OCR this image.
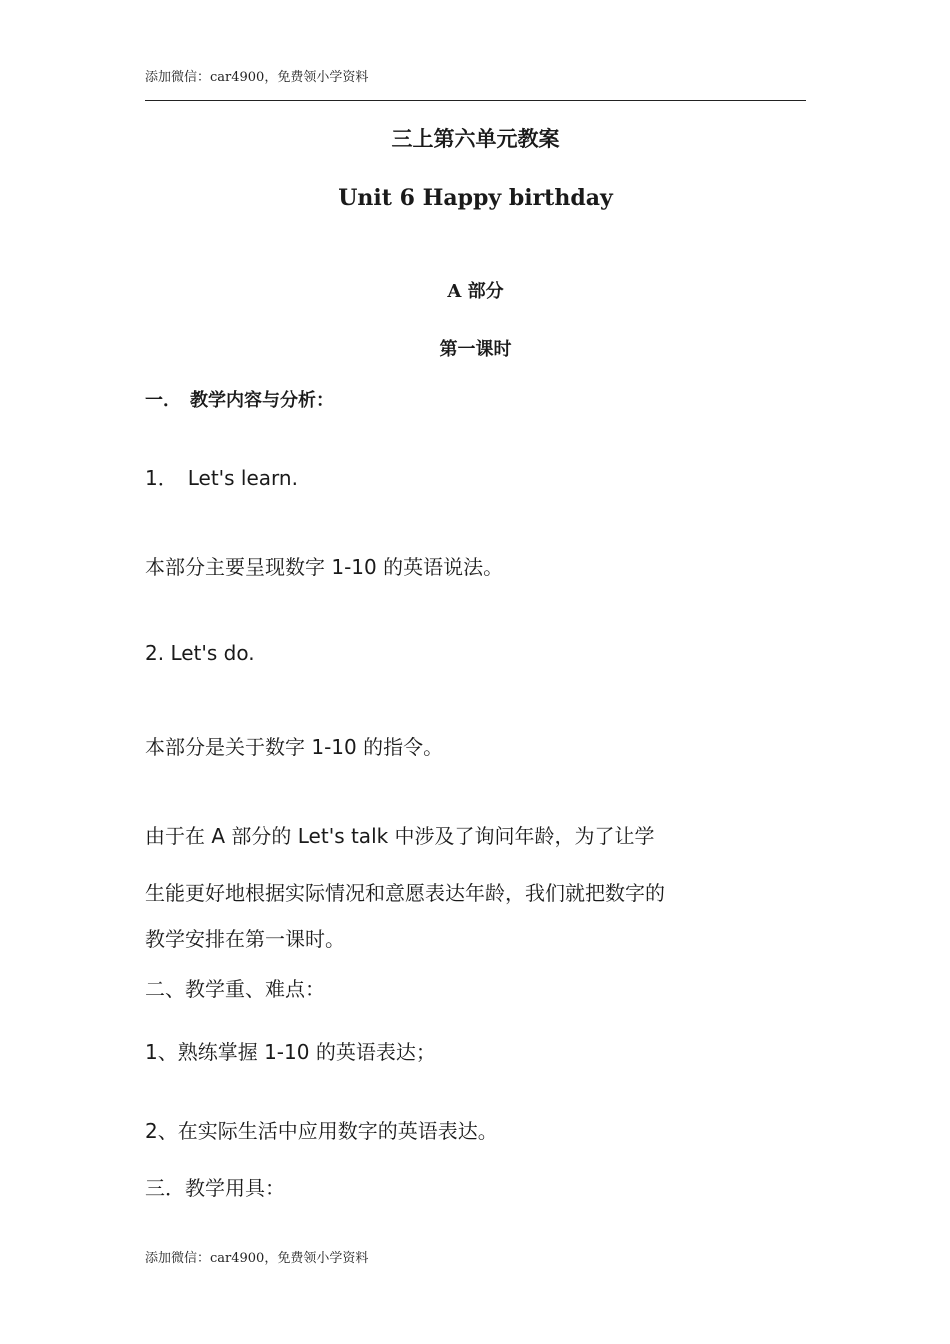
添加微信：car4900，免费领小学资料
三上第六单元教案
Unit 6 Happy birthday
A 部分
第一课时
一．　教学内容与分析：
1．　Let's learn.
本部分主要呈现数字 1-10 的英语说法。
2. Let's do.
本部分是关于数字 1-10 的指令。
由于在 A 部分的 Let's talk 中涉及了询问年龄，为了让学
生能更好地根据实际情况和意愿表达年龄，我们就把数字的
教学安排在第一课时。
二、教学重、难点：
1、熟练掌握 1-10 的英语表达；
2、在实际生活中应用数字的英语表达。
三．教学用具：
添加微信：car4900，免费领小学资料
